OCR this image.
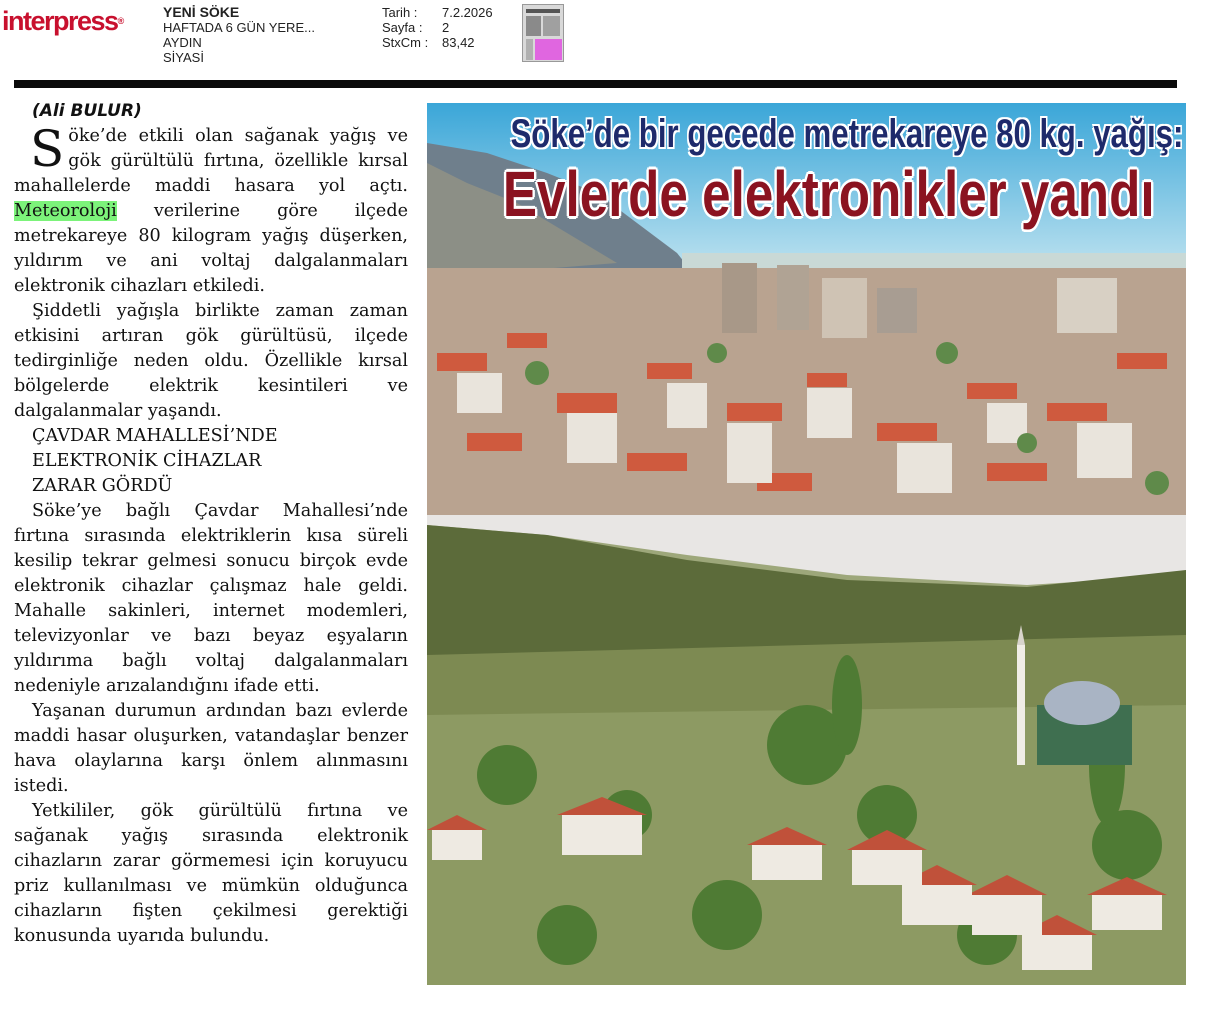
interpress®
YENİ SÖKE
HAFTADA 6 GÜN YERE...
AYDIN
SİYASİ
Tarih :	7.2.2026
Sayfa :	2
StxCm :	83,42
(Ali BULUR)

Söke’de etkili olan sağanak yağış ve gök gürültülü fırtına, özellikle kırsal mahallelerde maddi hasara yol açtı. Meteoroloji verilerine göre ilçede metrekareye 80 kilogram yağış düşerken, yıldırım ve ani voltaj dalgalanmaları elektronik cihazları etkiledi.

Şiddetli yağışla birlikte zaman zaman etkisini artıran gök gürültüsü, ilçede tedirginliğe neden oldu. Özellikle kırsal bölgelerde elektrik kesintileri ve dalgalanmalar yaşandı.

ÇAVDAR MAHALLESİ’NDE
ELEKTRONİK CİHAZLAR
ZARAR GÖRDÜ

Söke’ye bağlı Çavdar Mahallesi’nde fırtına sırasında elektriklerin kısa süreli kesilip tekrar gelmesi sonucu birçok evde elektronik cihazlar çalışmaz hale geldi. Mahalle sakinleri, internet modemleri, televizyonlar ve bazı beyaz eşyaların yıldırıma bağlı voltaj dalgalanmaları nedeniyle arızalandığını ifade etti.

Yaşanan durumun ardından bazı evlerde maddi hasar oluşurken, vatandaşlar benzer hava olaylarına karşı önlem alınmasını istedi.

Yetkililer, gök gürültülü fırtına ve sağanak yağış sırasında elektronik cihazların zarar görmemesi için koruyucu priz kullanılması ve mümkün olduğunca cihazların fişten çekilmesi gerektiği konusunda uyarıda bulundu.

Söke’de bir gecede metrekareye 80 kg. yağış:
Evlerde elektronikler yandı
